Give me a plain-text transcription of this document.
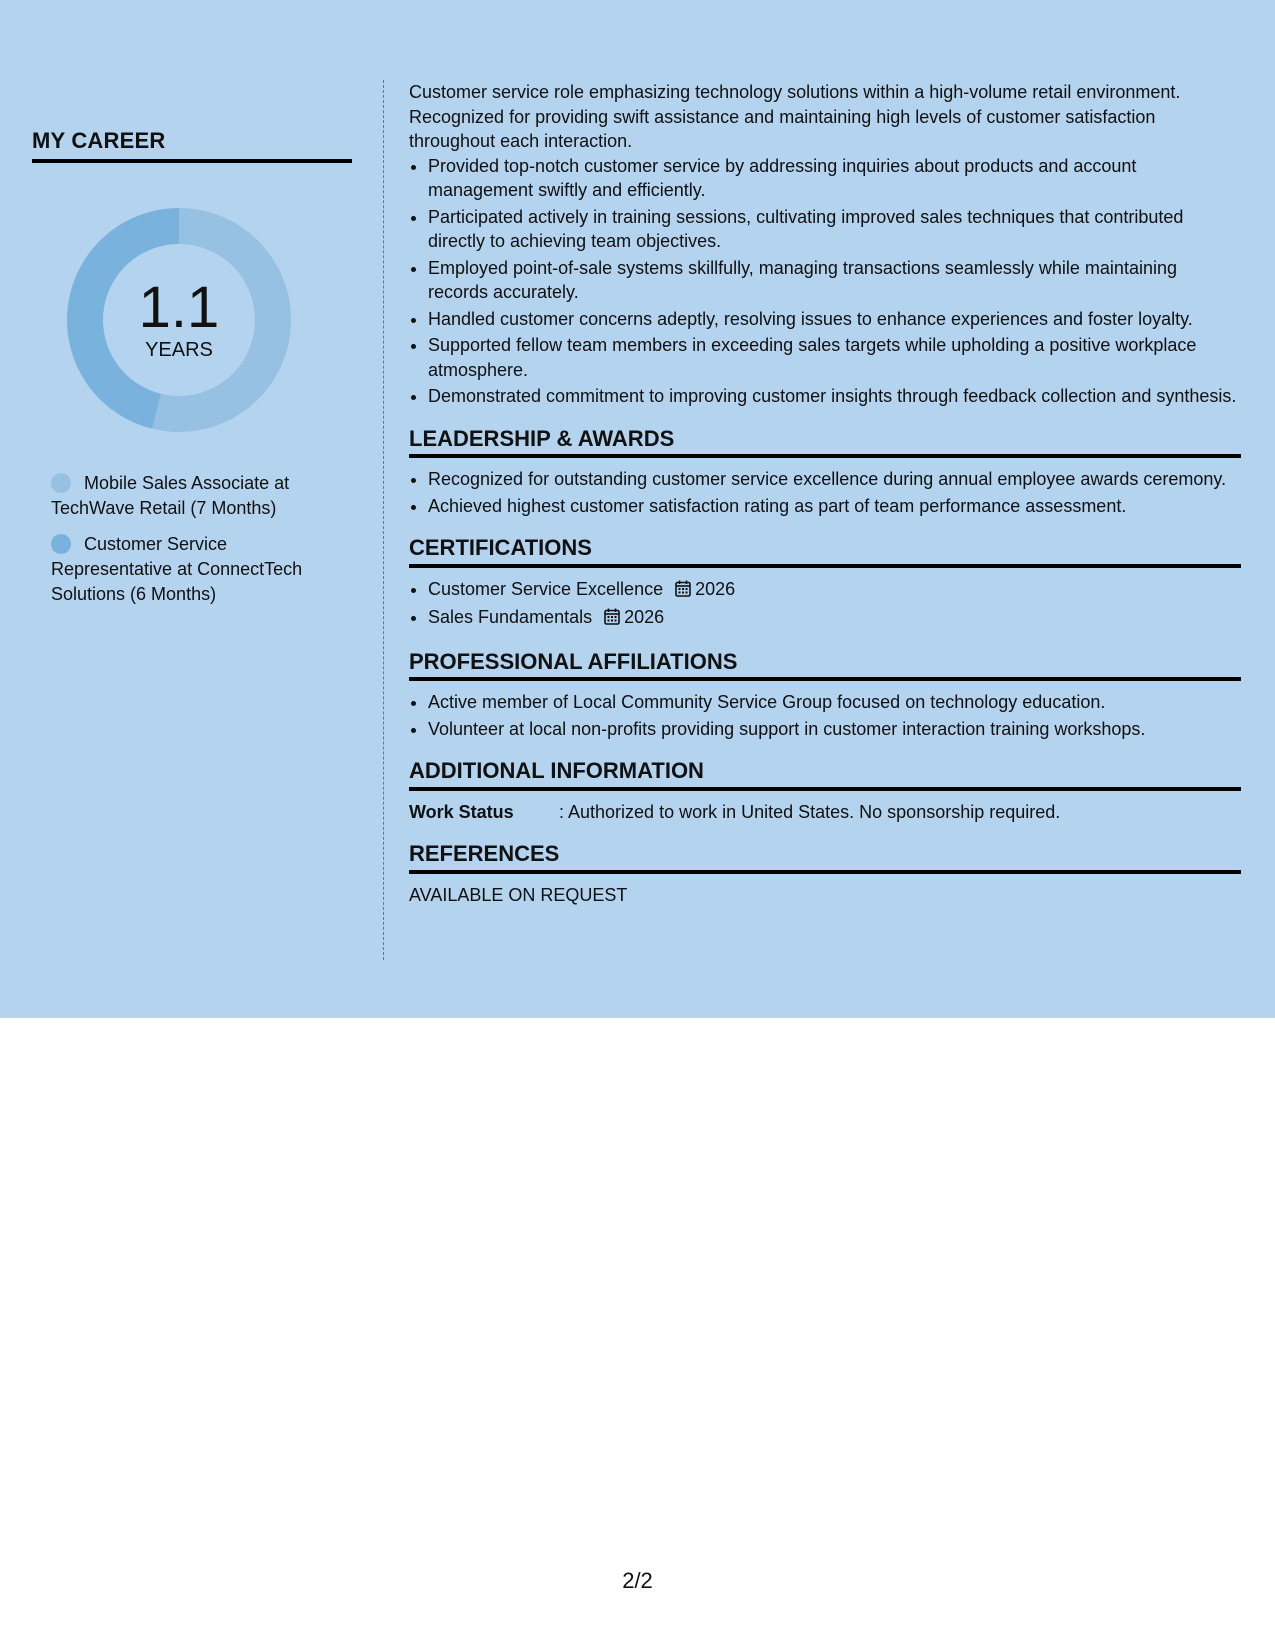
MY CAREER
1.1
YEARS
Mobile Sales Associate at TechWave Retail (7 Months)
Customer Service Representative at ConnectTech Solutions (6 Months)

Customer service role emphasizing technology solutions within a high-volume retail environment. Recognized for providing swift assistance and maintaining high levels of customer satisfaction throughout each interaction.

• Provided top-notch customer service by addressing inquiries about products and account management swiftly and efficiently.
• Participated actively in training sessions, cultivating improved sales techniques that contributed directly to achieving team objectives.
• Employed point-of-sale systems skillfully, managing transactions seamlessly while maintaining records accurately.
• Handled customer concerns adeptly, resolving issues to enhance experiences and foster loyalty.
• Supported fellow team members in exceeding sales targets while upholding a positive workplace atmosphere.
• Demonstrated commitment to improving customer insights through feedback collection and synthesis.
LEADERSHIP & AWARDS
• Recognized for outstanding customer service excellence during annual employee awards ceremony.
• Achieved highest customer satisfaction rating as part of team performance assessment.
CERTIFICATIONS
• Customer Service Excellence 2026
• Sales Fundamentals 2026
PROFESSIONAL AFFILIATIONS
• Active member of Local Community Service Group focused on technology education.
• Volunteer at local non-profits providing support in customer interaction training workshops.
ADDITIONAL INFORMATION
Work Status	: Authorized to work in United States. No sponsorship required.
REFERENCES
AVAILABLE ON REQUEST
2/2
